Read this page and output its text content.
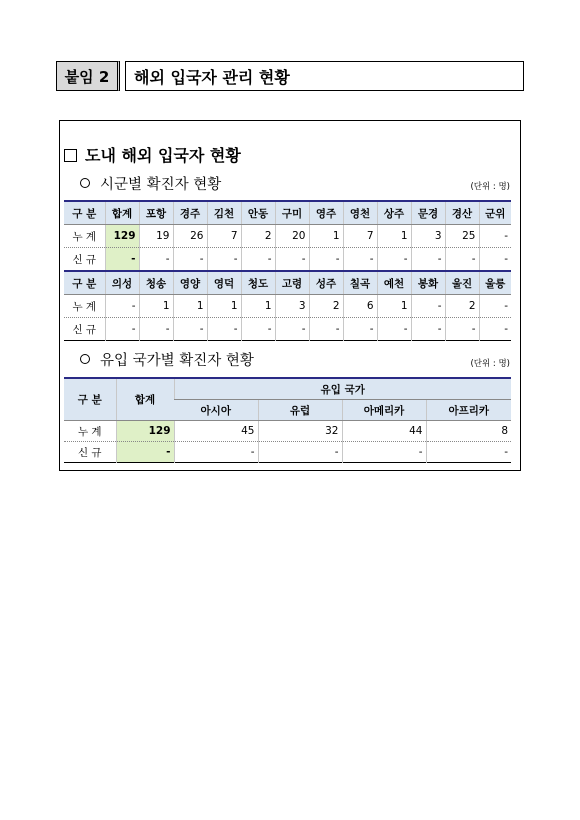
붙임 2	해외 입국자 관리 현황
도내 해외 입국자 현황
시군별 확진자 현황	(단위 : 명)
구 분	합계	포항	경주	김천	안동	구미	영주	영천	상주	문경	경산	군위
누 계	129	19	26	7	2	20	1	7	1	3	25	-
신 규	-	-	-	-	-	-	-	-	-	-	-	-
구 분	의성	청송	영양	영덕	청도	고령	성주	칠곡	예천	봉화	울진	울릉
누 계	-	1	1	1	1	3	2	6	1	-	2	-
신 규	-	-	-	-	-	-	-	-	-	-	-	-
유입 국가별 확진자 현황	(단위 : 명)
구 분	합계	유입 국가			
		아시아	유럽	아메리카	아프리카
누 계	129	45	32	44	8
신 규	-	-	-	-	-
